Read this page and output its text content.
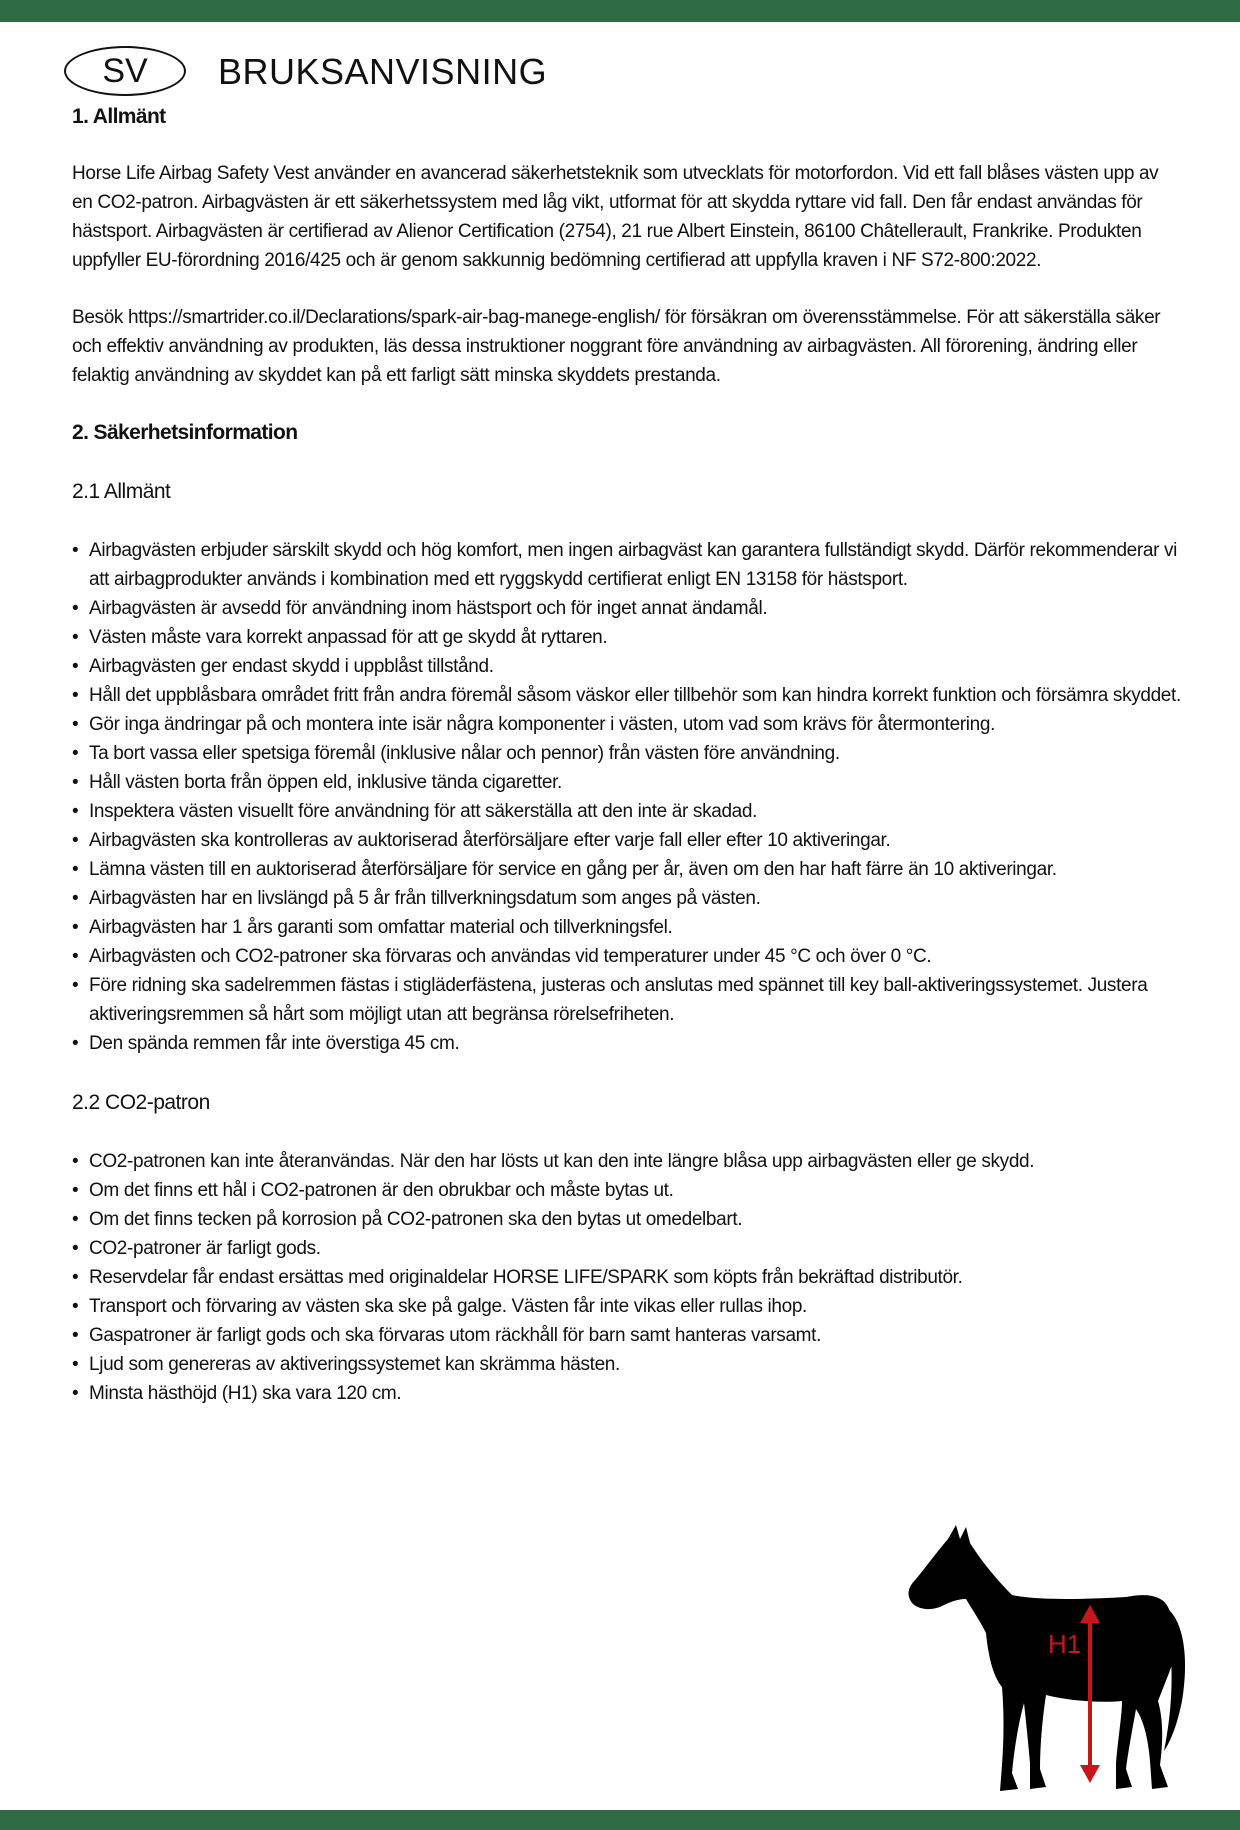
SV	BRUKSANVISNING
1. Allmänt

Horse Life Airbag Safety Vest använder en avancerad säkerhetsteknik som utvecklats för motorfordon. Vid ett fall blåses västen upp av en CO2-patron. Airbagvästen är ett säkerhetssystem med låg vikt, utformat för att skydda ryttare vid fall. Den får endast användas för hästsport. Airbagvästen är certifierad av Alienor Certification (2754), 21 rue Albert Einstein, 86100 Châtellerault, Frankrike. Produkten uppfyller EU-förordning 2016/425 och är genom sakkunnig bedömning certifierad att uppfylla kraven i NF S72-800:2022.

Besök https://smartrider.co.il/Declarations/spark-air-bag-manege-english/ för försäkran om överensstämmelse. För att säkerställa säker och effektiv användning av produkten, läs dessa instruktioner noggrant före användning av airbagvästen. All förorening, ändring eller felaktig användning av skyddet kan på ett farligt sätt minska skyddets prestanda.

2. Säkerhetsinformation
2.1 Allmänt
• Airbagvästen erbjuder särskilt skydd och hög komfort, men ingen airbagväst kan garantera fullständigt skydd. Därför rekommenderar vi att airbagprodukter används i kombination med ett ryggskydd certifierat enligt EN 13158 för hästsport.
• Airbagvästen är avsedd för användning inom hästsport och för inget annat ändamål.
• Västen måste vara korrekt anpassad för att ge skydd åt ryttaren.
• Airbagvästen ger endast skydd i uppblåst tillstånd.
• Håll det uppblåsbara området fritt från andra föremål såsom väskor eller tillbehör som kan hindra korrekt funktion och försämra skyddet.
• Gör inga ändringar på och montera inte isär några komponenter i västen, utom vad som krävs för återmontering.
• Ta bort vassa eller spetsiga föremål (inklusive nålar och pennor) från västen före användning.
• Håll västen borta från öppen eld, inklusive tända cigaretter.
• Inspektera västen visuellt före användning för att säkerställa att den inte är skadad.
• Airbagvästen ska kontrolleras av auktoriserad återförsäljare efter varje fall eller efter 10 aktiveringar.
• Lämna västen till en auktoriserad återförsäljare för service en gång per år, även om den har haft färre än 10 aktiveringar.
• Airbagvästen har en livslängd på 5 år från tillverkningsdatum som anges på västen.
• Airbagvästen har 1 års garanti som omfattar material och tillverkningsfel.
• Airbagvästen och CO2-patroner ska förvaras och användas vid temperaturer under 45 °C och över 0 °C.
• Före ridning ska sadelremmen fästas i stigläderfästena, justeras och anslutas med spännet till key ball-aktiveringssystemet. Justera aktiveringsremmen så hårt som möjligt utan att begränsa rörelsefriheten.
• Den spända remmen får inte överstiga 45 cm.
2.2 CO2-patron
• CO2-patronen kan inte återanvändas. När den har lösts ut kan den inte längre blåsa upp airbagvästen eller ge skydd.
• Om det finns ett hål i CO2-patronen är den obrukbar och måste bytas ut.
• Om det finns tecken på korrosion på CO2-patronen ska den bytas ut omedelbart.
• CO2-patroner är farligt gods.
• Reservdelar får endast ersättas med originaldelar HORSE LIFE/SPARK som köpts från bekräftad distributör.
• Transport och förvaring av västen ska ske på galge. Västen får inte vikas eller rullas ihop.
• Gaspatroner är farligt gods och ska förvaras utom räckhåll för barn samt hanteras varsamt.
• Ljud som genereras av aktiveringssystemet kan skrämma hästen.
• Minsta hästhöjd (H1) ska vara 120 cm.
H1
